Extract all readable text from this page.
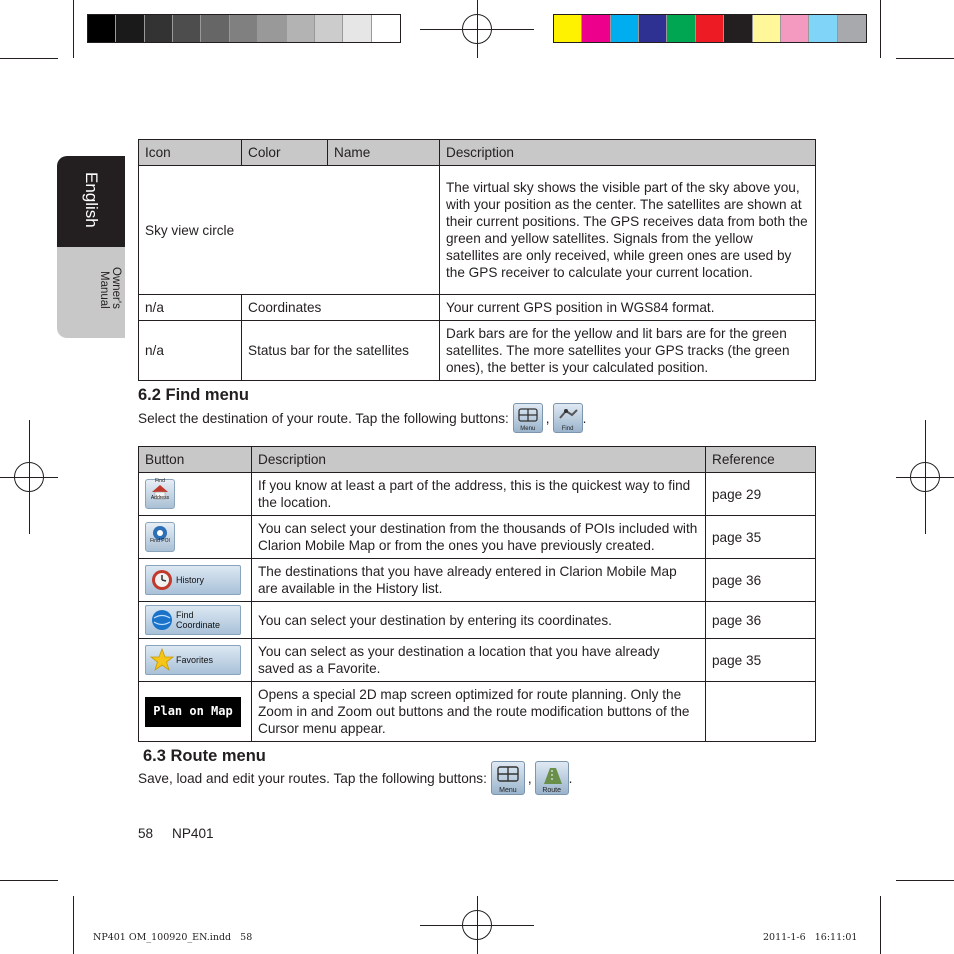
English
Owner's
Manual
Icon	Color	Name	Description
Sky view circle			The virtual sky shows the visible part of the sky above you, with your position as the center. The satellites are shown at their current positions. The GPS receives data from both the green and yellow satellites. Signals from the yellow satellites are only received, while green ones are used by the GPS receiver to calculate your current location.
n/a	Coordinates		Your current GPS position in WGS84 format.
n/a	Status bar for the satellites		Dark bars are for the yellow and lit bars are for the green satellites. The more satellites your GPS tracks (the green ones), the better is your calculated position.
6.2 Find menu
Select the destination of your route. Tap the following buttons:
Menu
,
Find
.
Button	Description	Reference

Find Address	If you know at least a part of the address, this is the quickest way to find the location.	page 29

Find POI	You can select your destination from the thousands of POIs included with Clarion Mobile Map or from the ones you have previously created.	page 35

History	The destinations that you have already entered in Clarion Mobile Map are available in the History list.	page 36

Find
Coordinate	You can select your destination by entering its coordinates.	page 36

Favorites	You can select as your destination a location that you have already saved as a Favorite.	page 35

Plan on Map	Opens a special 2D map screen optimized for route planning. Only the Zoom in and Zoom out buttons and the route modification buttons of the Cursor menu appear.	
6.3 Route menu
Save, load and edit your routes. Tap the following buttons:
Menu
,
Route
.
58 NP401
NP401 OM_100920_EN.indd   58	2011-1-6   16:11:01
